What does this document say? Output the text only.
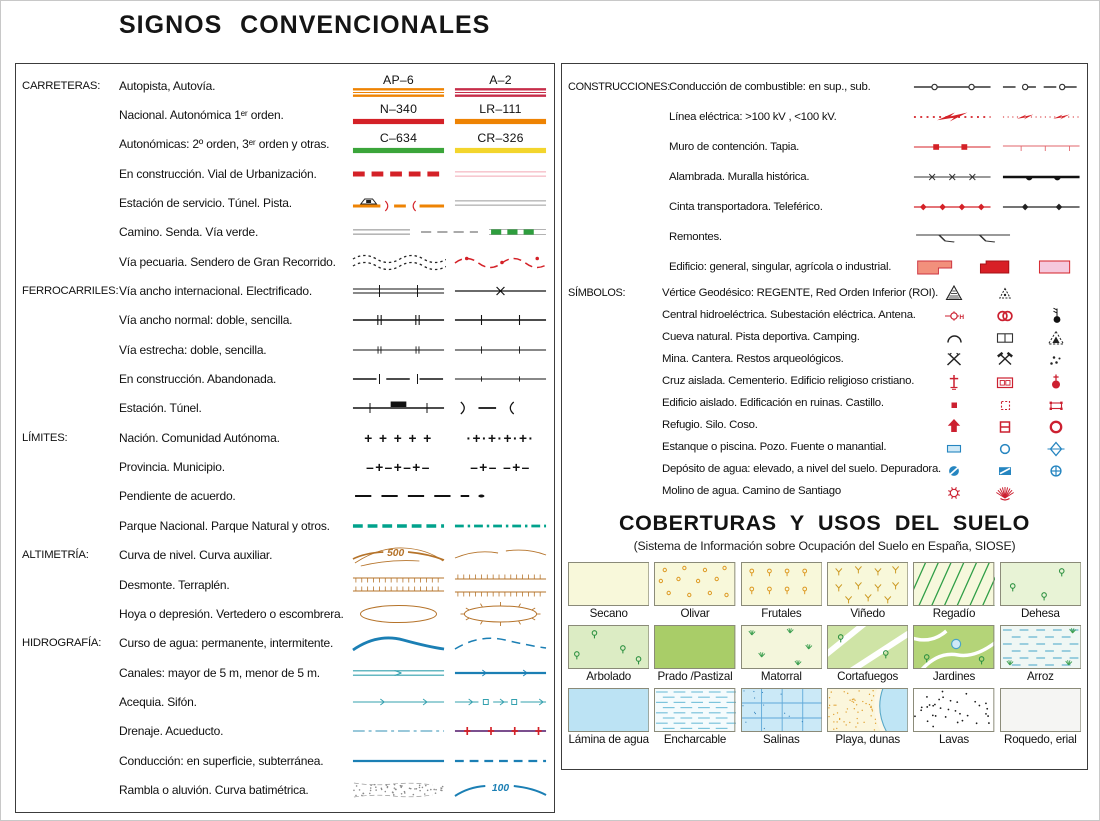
SIGNOS CONVENCIONALES
CARRETERAS:	Autopista, Autovía.	AP–6	A–2
Nacional. Autonómica 1ᵉʳ orden.	N–340	LR–111
Autonómicas: 2º orden, 3ᵉʳ orden y otras.	C–634	CR–326
En construcción. Vial de Urbanización.
Estación de servicio. Túnel. Pista.
Camino. Senda. Vía verde.
Vía pecuaria. Sendero de Gran Recorrido.
FERROCARRILES: Vía ancho internacional. Electrificado.
Vía ancho normal: doble, sencilla.
Vía estrecha: doble, sencilla.
En construcción. Abandonada.
Estación. Túnel.
LÍMITES:	Nación. Comunidad Autónoma.	+ + + + + ·+·+·+·+·
Provincia. Municipio.	–+–+–+–	–+– –+–
Pendiente de acuerdo.
Parque Nacional. Parque Natural y otros.
ALTIMETRÍA:	Curva de nivel. Curva auxiliar.	500
Desmonte. Terraplén.
Hoya o depresión. Vertedero o escombrera.
HIDROGRAFÍA:	Curso de agua: permanente, intermitente.
Canales: mayor de 5 m, menor de 5 m.
Acequia. Sifón.
Drenaje. Acueducto.
Conducción: en superficie, subterránea.
Rambla o aluvión. Curva batimétrica.	100
CONSTRUCCIONES: Conducción de combustible: en sup., sub.
Línea eléctrica: >100 kV , <100 kV.
Muro de contención. Tapia.
Alambrada. Muralla histórica.
Cinta transportadora. Teleférico.
Remontes.
Edificio: general, singular, agrícola o industrial.
SÍMBOLOS:	Vértice Geodésico: REGENTE, Red Orden Inferior (ROI).
Central hidroeléctrica. Subestación eléctrica. Antena.	H
Cueva natural. Pista deportiva. Camping.
Mina. Cantera. Restos arqueológicos.
Cruz aislada. Cementerio. Edificio religioso cristiano.
Edificio aislado. Edificación en ruinas. Castillo.
Refugio. Silo. Coso.
Estanque o piscina. Pozo. Fuente o manantial.
Depósito de agua: elevado, a nivel del suelo. Depuradora.
Molino de agua. Camino de Santiago
COBERTURAS Y USOS DEL SUELO
(Sistema de Información sobre Ocupación del Suelo en España, SIOSE)
Secano	Olivar	Frutales	Viñedo	Regadío	Dehesa
Arbolado	Prado /Pastizal	Matorral	Cortafuegos	Jardines	Arroz
Lámina de agua	Encharcable	Salinas	Playa, dunas	Lavas	Roquedo, erial
